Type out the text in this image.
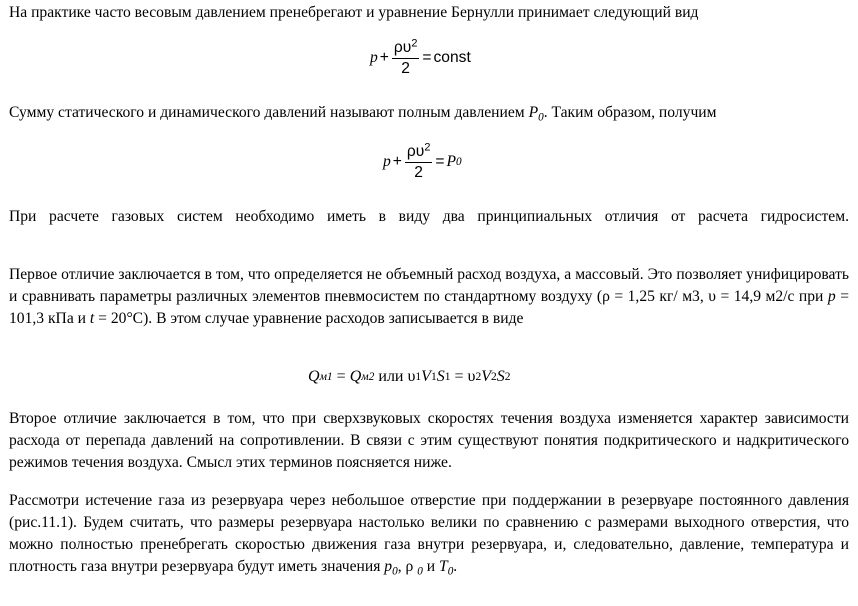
На практике часто весовым давлением пренебрегают и уравнение Бернулли принимает следующий вид

$p + \frac{\rho\upsilon^2}{2}$ = const

Сумму статического и динамического давлений называют полным давлением $P_0$. Таким образом, получим

$p + \frac{\rho\upsilon^2}{2} = P$ 0

При расчете газовых систем необходимо иметь в виду два принципиальных отличия от расчета гидросистем.

Первое отличие заключается в том, что определяется не объемный расход воздуха, а массовый. Это позволяет унифицировать и сравнивать параметры различных элементов пневмосистем по стандартному воздуху (ρ = 1,25 кг/ м3, υ = 14,9 м2/с при p = 101,3 кПа и t = 20°C). В этом случае уравнение расходов записывается в виде

Q м1 = Q м2 или υ 1 V 1 S 1 = υ 2 V 2 S 2

Второе отличие заключается в том, что при сверхзвуковых скоростях течения воздуха изменяется характер зависимости расхода от перепада давлений на сопротивлении. В связи с этим существуют понятия подкритического и надкритического режимов течения воздуха. Смысл этих терминов поясняется ниже.

Рассмотри истечение газа из резервуара через небольшое отверстие при поддержании в резервуаре постоянного давления (рис.11.1). Будем считать, что размеры резервуара настолько велики по сравнению с размерами выходного отверстия, что можно полностью пренебрегать скоростью движения газа внутри резервуара, и, следовательно, давление, температура и плотность газа внутри резервуара будут иметь значения $p_0$, ρ $_0$ и $T_0$.
